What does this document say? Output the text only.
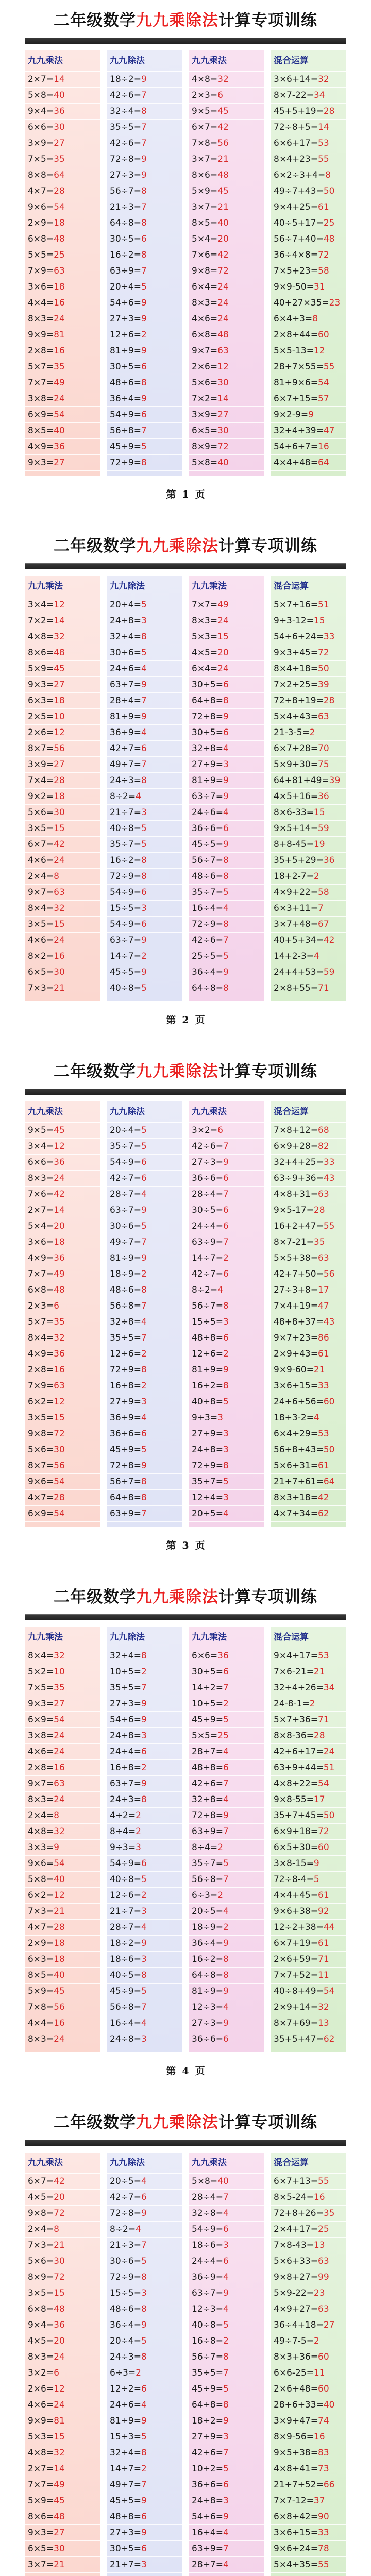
二年级数学 九九乘除法 计算专项训练
九九乘法
2×7=14
5×8=40
9×4=36
6×6=30
3×9=27
7×5=35
8×8=64
4×7=28
9×6=54
2×9=18
6×8=48
5×5=25
7×9=63
3×6=18
4×4=16
8×3=24
9×9=81
2×8=16
5×7=35
7×7=49
3×8=24
6×9=54
8×5=40
4×9=36
9×3=27
九九除法
18÷2=9
42÷6=7
32÷4=8
35÷5=7
42÷6=7
72÷8=9
27÷3=9
56÷7=8
21÷3=7
64÷8=8
30÷5=6
16÷2=8
63÷9=7
20÷4=5
54÷6=9
27÷3=9
12÷6=2
81÷9=9
30÷5=6
48÷6=8
36÷4=9
54÷9=6
56÷8=7
45÷9=5
72÷9=8
九九乘法
4×8=32
2×3=6
9×5=45
6×7=42
7×8=56
3×7=21
8×6=48
5×9=45
3×7=21
8×5=40
5×4=20
7×6=42
9×8=72
6×4=24
8×3=24
4×6=24
6×8=48
9×7=63
2×6=12
5×6=30
7×2=14
3×9=27
6×5=30
8×9=72
5×8=40
混合运算
3×6+14=32
8×7-22=34
45+5+19=28
72÷8+5=14
6×6+17=53
8×4+23=55
6×2÷3+4=8
49÷7+43=50
9×4+25=61
40÷5+17=25
56÷7+40=48
36÷4×8=72
7×5+23=58
9×9-50=31
40+27×35=23
6×4÷3=8
2×8+44=60
5×5-13=12
28+7×55=55
81÷9×6=54
6×7+15=57
9×2-9=9
32+4+39=47
54÷6+7=16
4×4+48=64
第 1 页
二年级数学 九九乘除法 计算专项训练
九九乘法
3×4=12
7×2=14
4×8=32
8×6=48
5×9=45
9×3=27
6×3=18
2×5=10
2×6=12
8×7=56
3×9=27
7×4=28
9×2=18
5×6=30
3×5=15
6×7=42
4×6=24
2×4=8
9×7=63
8×4=32
3×5=15
4×6=24
8×2=16
6×5=30
7×3=21
九九除法
20÷4=5
24÷8=3
32÷4=8
30÷6=5
24÷6=4
63÷7=9
28÷4=7
81÷9=9
36÷9=4
42÷7=6
49÷7=7
24÷3=8
8÷2=4
21÷7=3
40÷8=5
35÷7=5
16÷2=8
72÷9=8
54÷9=6
15÷5=3
54÷9=6
63÷7=9
14÷7=2
45÷5=9
40÷8=5
九九乘法
7×7=49
8×3=24
5×3=15
4×5=20
6×4=24
30÷5=6
64÷8=8
72÷8=9
30÷5=6
32÷8=4
27÷9=3
81÷9=9
63÷7=9
24÷6=4
36÷6=6
45÷5=9
56÷7=8
48÷6=8
35÷7=5
16÷4=4
72÷9=8
42÷6=7
25÷5=5
36÷4=9
64÷8=8
混合运算
5×7+16=51
9÷3-12=15
54÷6+24=33
9×3+45=72
8×4+18=50
7×2+25=39
72÷8+19=28
5×4+43=63
21-3-5=2
6×7+28=70
5×9+30=75
64+81+49=39
4×5+16=36
8×6-33=15
9×5+14=59
8+8-45=19
35+5+29=36
18+2-7=2
4×9+22=58
6×3+11=7
3×7+48=67
40+5+34=42
14+2-3=4
24+4+53=59
2×8+55=71
第 2 页
二年级数学 九九乘除法 计算专项训练
九九乘法
9×5=45
3×4=12
6×6=36
8×3=24
7×6=42
2×7=14
5×4=20
3×6=18
4×9=36
7×7=49
6×8=48
2×3=6
5×7=35
8×4=32
4×9=36
2×8=16
7×9=63
6×2=12
3×5=15
9×8=72
5×6=30
8×7=56
9×6=54
4×7=28
6×9=54
九九除法
20÷4=5
35÷7=5
54÷9=6
42÷7=6
28÷7=4
63÷7=9
30÷6=5
49÷7=7
81÷9=9
18÷9=2
48÷6=8
56÷8=7
32÷8=4
35÷5=7
12÷6=2
72÷9=8
16÷8=2
27÷9=3
36÷9=4
36÷6=6
45÷9=5
72÷8=9
56÷7=8
64÷8=8
63÷9=7
九九乘法
3×2=6
42÷6=7
27÷3=9
36÷6=6
28÷4=7
30÷5=6
24÷4=6
63÷9=7
14÷7=2
42÷7=6
8÷2=4
56÷7=8
15÷5=3
48÷8=6
12÷6=2
81÷9=9
16÷2=8
40÷8=5
9÷3=3
27÷9=3
24÷8=3
72÷9=8
35÷7=5
12÷4=3
20÷5=4
混合运算
7×8+12=68
6×9+28=82
32+4+25=33
63÷9+36=43
4×8+31=63
9×5-17=28
16+2+47=55
8×7-21=35
5×5+38=63
42+7+50=56
27÷3+8=17
7×4+19=47
48+8+37=43
9×7+23=86
2×9+43=61
9×9-60=21
3×6+15=33
24+6+56=60
18÷3-2=4
6×4+29=53
56÷8+43=50
5×6+31=61
21+7+61=64
8×3+18=42
4×7+34=62
第 3 页
二年级数学 九九乘除法 计算专项训练
九九乘法
8×4=32
5×2=10
7×5=35
9×3=27
6×9=54
3×8=24
4×6=24
2×8=16
9×7=63
8×3=24
2×4=8
4×8=32
3×3=9
9×6=54
5×8=40
6×2=12
7×3=21
4×7=28
2×9=18
6×3=18
8×5=40
5×9=45
7×8=56
4×4=16
8×3=24
九九除法
32÷4=8
10÷5=2
35÷5=7
27÷3=9
54÷6=9
24÷8=3
24÷4=6
16÷8=2
63÷7=9
24÷3=8
4÷2=2
8÷4=2
9÷3=3
54÷9=6
40÷8=5
12÷6=2
21÷7=3
28÷7=4
18÷2=9
18÷6=3
40÷5=8
45÷9=5
56÷8=7
16÷4=4
24÷8=3
九九乘法
6×6=36
30÷5=6
14÷2=7
10÷5=2
45÷9=5
5×5=25
28÷7=4
48÷8=6
42÷6=7
32÷8=4
72÷8=9
63÷9=7
8÷4=2
35÷7=5
56÷8=7
6÷3=2
20÷5=4
18÷9=2
36÷4=9
16÷2=8
64÷8=8
81÷9=9
12÷3=4
27÷3=9
36÷6=6
混合运算
9×4+17=53
7×6-21=21
32÷4+26=34
24-8-1=2
5×7+36=71
8×8-36=28
42÷6+17=24
63+9+44=51
4×8+22=54
9×8-55=17
35+7+45=50
6×9+18=72
6×5+30=60
3×8-15=9
72÷8-4=5
4×4+45=61
9×6+38=92
12÷2+38=44
6×7+19=61
2×6+59=71
7×7+52=11
40÷8+49=54
2×9+14=32
8×7+69=13
35+5+47=62
第 4 页
二年级数学 九九乘除法 计算专项训练
九九乘法
6×7=42
4×5=20
9×8=72
2×4=8
7×3=21
5×6=30
8×9=72
3×5=15
6×8=48
9×4=36
4×5=20
8×3=24
3×2=6
2×6=12
4×6=24
9×9=81
5×3=15
4×8=32
2×7=14
7×7=49
5×9=45
8×6=48
9×3=27
6×5=30
3×7=21
九九除法
20÷5=4
42÷7=6
72÷8=9
8÷2=4
21÷3=7
30÷6=5
72÷9=8
15÷5=3
48÷6=8
36÷4=9
20÷4=5
24÷3=8
6÷3=2
12÷2=6
24÷6=4
81÷9=9
15÷3=5
32÷4=8
14÷7=2
49÷7=7
45÷5=9
48÷8=6
27÷3=9
30÷5=6
21÷7=3
九九乘法
5×8=40
28÷4=7
32÷8=4
54÷9=6
18÷6=3
24÷4=6
36÷9=4
63÷7=9
12÷3=4
40÷8=5
16÷8=2
56÷7=8
35÷5=7
45÷9=5
64÷8=8
18÷2=9
27÷9=3
42÷6=7
10÷2=5
36÷6=6
24÷8=3
54÷6=9
16÷4=4
63÷9=7
28÷7=4
混合运算
6×7+13=55
8×5-24=16
72+8+26=35
2×4+17=25
7×8-43=13
5×6+33=63
9×8+27=99
5×9-22=23
4×9+27=63
36÷4+18=27
49÷7-5=2
8×3+36=60
6×6-25=11
2×6+48=60
28+6+33=40
3×9+47=74
8×9-56=16
9×5+38=83
4×8+41=73
21+7+52=66
7×7-12=37
6×8+42=90
3×6+15=33
9×6+24=78
5×4+35=55
